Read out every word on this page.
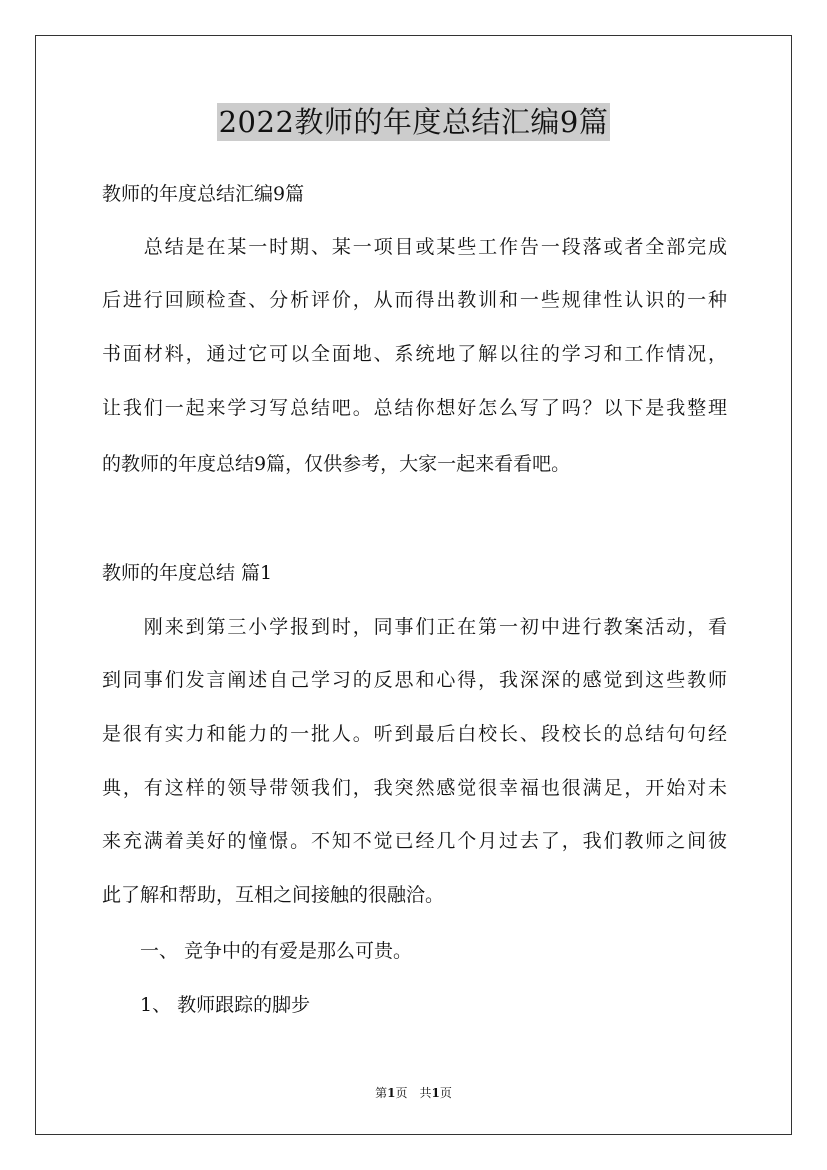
2022教师的年度总结汇编9篇
教师的年度总结汇编9篇
　　总结是在某一时期、某一项目或某些工作告一段落或者全部完成
后进行回顾检查、分析评价，从而得出教训和一些规律性认识的一种
书面材料，通过它可以全面地、系统地了解以往的学习和工作情况，
让我们一起来学习写总结吧。总结你想好怎么写了吗？以下是我整理
的教师的年度总结9篇，仅供参考，大家一起来看看吧。
教师的年度总结 篇1
　　刚来到第三小学报到时，同事们正在第一初中进行教案活动，看
到同事们发言阐述自己学习的反思和心得，我深深的感觉到这些教师
是很有实力和能力的一批人。听到最后白校长、段校长的总结句句经
典，有这样的领导带领我们，我突然感觉很幸福也很满足，开始对未
来充满着美好的憧憬。不知不觉已经几个月过去了，我们教师之间彼
此了解和帮助，互相之间接触的很融洽。
　　一、 竞争中的有爱是那么可贵。
　　1、 教师跟踪的脚步
第1页　共1页
